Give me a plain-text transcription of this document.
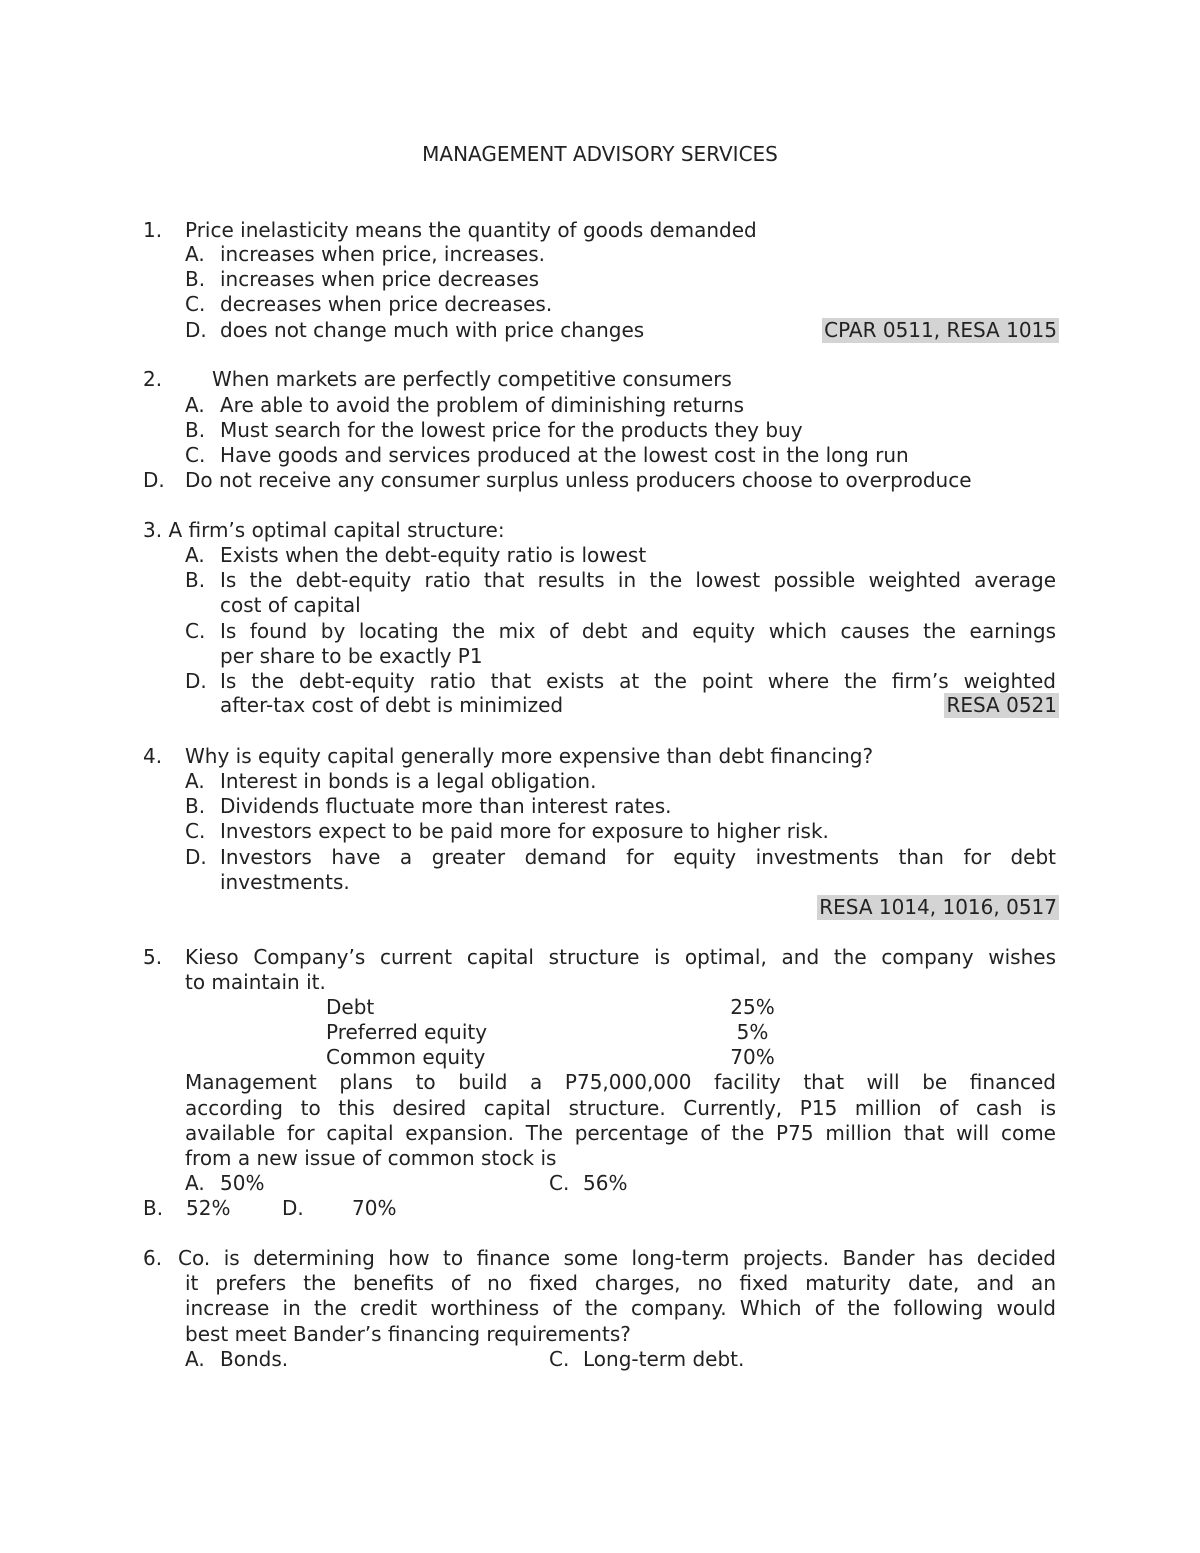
MANAGEMENT ADVISORY SERVICES
1. Price inelasticity means the quantity of goods demanded
A. increases when price, increases.
B. increases when price decreases
C. decreases when price decreases.
D. does not change much with price changes	CPAR 0511, RESA 1015
2. When markets are perfectly competitive consumers
A. Are able to avoid the problem of diminishing returns
B. Must search for the lowest price for the products they buy
C. Have goods and services produced at the lowest cost in the long run
D. Do not receive any consumer surplus unless producers choose to overproduce
3. A firm’s optimal capital structure:
A. Exists when the debt-equity ratio is lowest
B. Is the debt-equity ratio that results in the lowest possible weighted average
cost of capital
C. Is found by locating the mix of debt and equity which causes the earnings
per share to be exactly P1
D. Is the debt-equity ratio that exists at the point where the firm’s weighted
after-tax cost of debt is minimized	RESA 0521
4. Why is equity capital generally more expensive than debt financing?
A. Interest in bonds is a legal obligation.
B. Dividends fluctuate more than interest rates.
C. Investors expect to be paid more for exposure to higher risk.
D. Investors have a greater demand for equity investments than for debt
investments.
RESA 1014, 1016, 0517
5. Kieso Company’s current capital structure is optimal, and the company wishes
to maintain it.
Debt	25%
Preferred equity	5%
Common equity	70%
Management plans to build a P75,000,000 facility that will be financed
according to this desired capital structure. Currently, P15 million of cash is
available for capital expansion. The percentage of the P75 million that will come
from a new issue of common stock is
A. 50%	C. 56%
B. 52%	D. 70%
6. Co. is determining how to finance some long-term projects. Bander has decided
it prefers the benefits of no fixed charges, no fixed maturity date, and an
increase in the credit worthiness of the company. Which of the following would
best meet Bander’s financing requirements?
A. Bonds.	C. Long-term debt.
